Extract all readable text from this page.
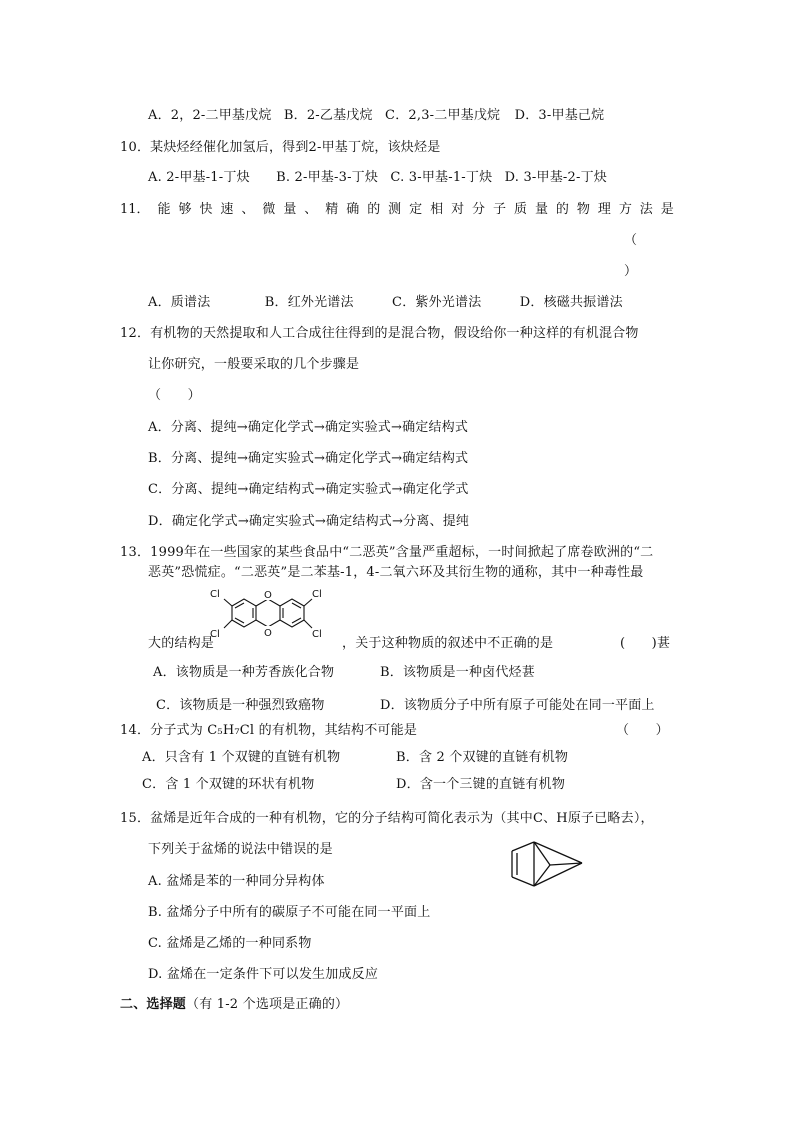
A．2，2-二甲基戊烷 B．2-乙基戊烷 C．2,3-二甲基戊烷 D．3-甲基己烷
10．某炔烃经催化加氢后，得到2-甲基丁烷，该炔烃是
A. 2-甲基-1-丁炔 B. 2-甲基-3-丁炔 C. 3-甲基-1-丁炔 D. 3-甲基-2-丁炔
11． 能 够 快 速 、 微 量 、 精 确 的 测 定 相 对 分 子 质 量 的 物 理 方 法 是
（
）
A．质谱法	B．红外光谱法	C．紫外光谱法	D．核磁共振谱法
12．有机物的天然提取和人工合成往往得到的是混合物，假设给你一种这样的有机混合物
让你研究，一般要采取的几个步骤是
（　　）
A．分离、提纯→确定化学式→确定实验式→确定结构式
B．分离、提纯→确定实验式→确定化学式→确定结构式
C．分离、提纯→确定结构式→确定实验式→确定化学式
D．确定化学式→确定实验式→确定结构式→分离、提纯
13．1999年在一些国家的某些食品中“二恶英”含量严重超标，一时间掀起了席卷欧洲的“二
恶英”恐慌症。“二恶英”是二苯基-1，4-二氧六环及其衍生物的通称，其中一种毒性最
Cl
Cl
Cl
Cl
O
O
大的结构是	，关于这种物质的叙述中不正确的是	(　　)葚
A．该物质是一种芳香族化合物	B．该物质是一种卤代烃葚
C．该物质是一种强烈致癌物	D．该物质分子中所有原子可能处在同一平面上
14．分子式为 C₅H₇Cl 的有机物，其结构不可能是	（　　）
A．只含有 1 个双键的直链有机物	B．含 2 个双键的直链有机物
C．含 1 个双键的环状有机物	D．含一个三键的直链有机物
15．盆烯是近年合成的一种有机物，它的分子结构可简化表示为（其中C、H原子已略去），
下列关于盆烯的说法中错误的是
A. 盆烯是苯的一种同分异构体
B. 盆烯分子中所有的碳原子不可能在同一平面上
C. 盆烯是乙烯的一种同系物
D. 盆烯在一定条件下可以发生加成反应
二、选择题（有 1-2 个选项是正确的）
